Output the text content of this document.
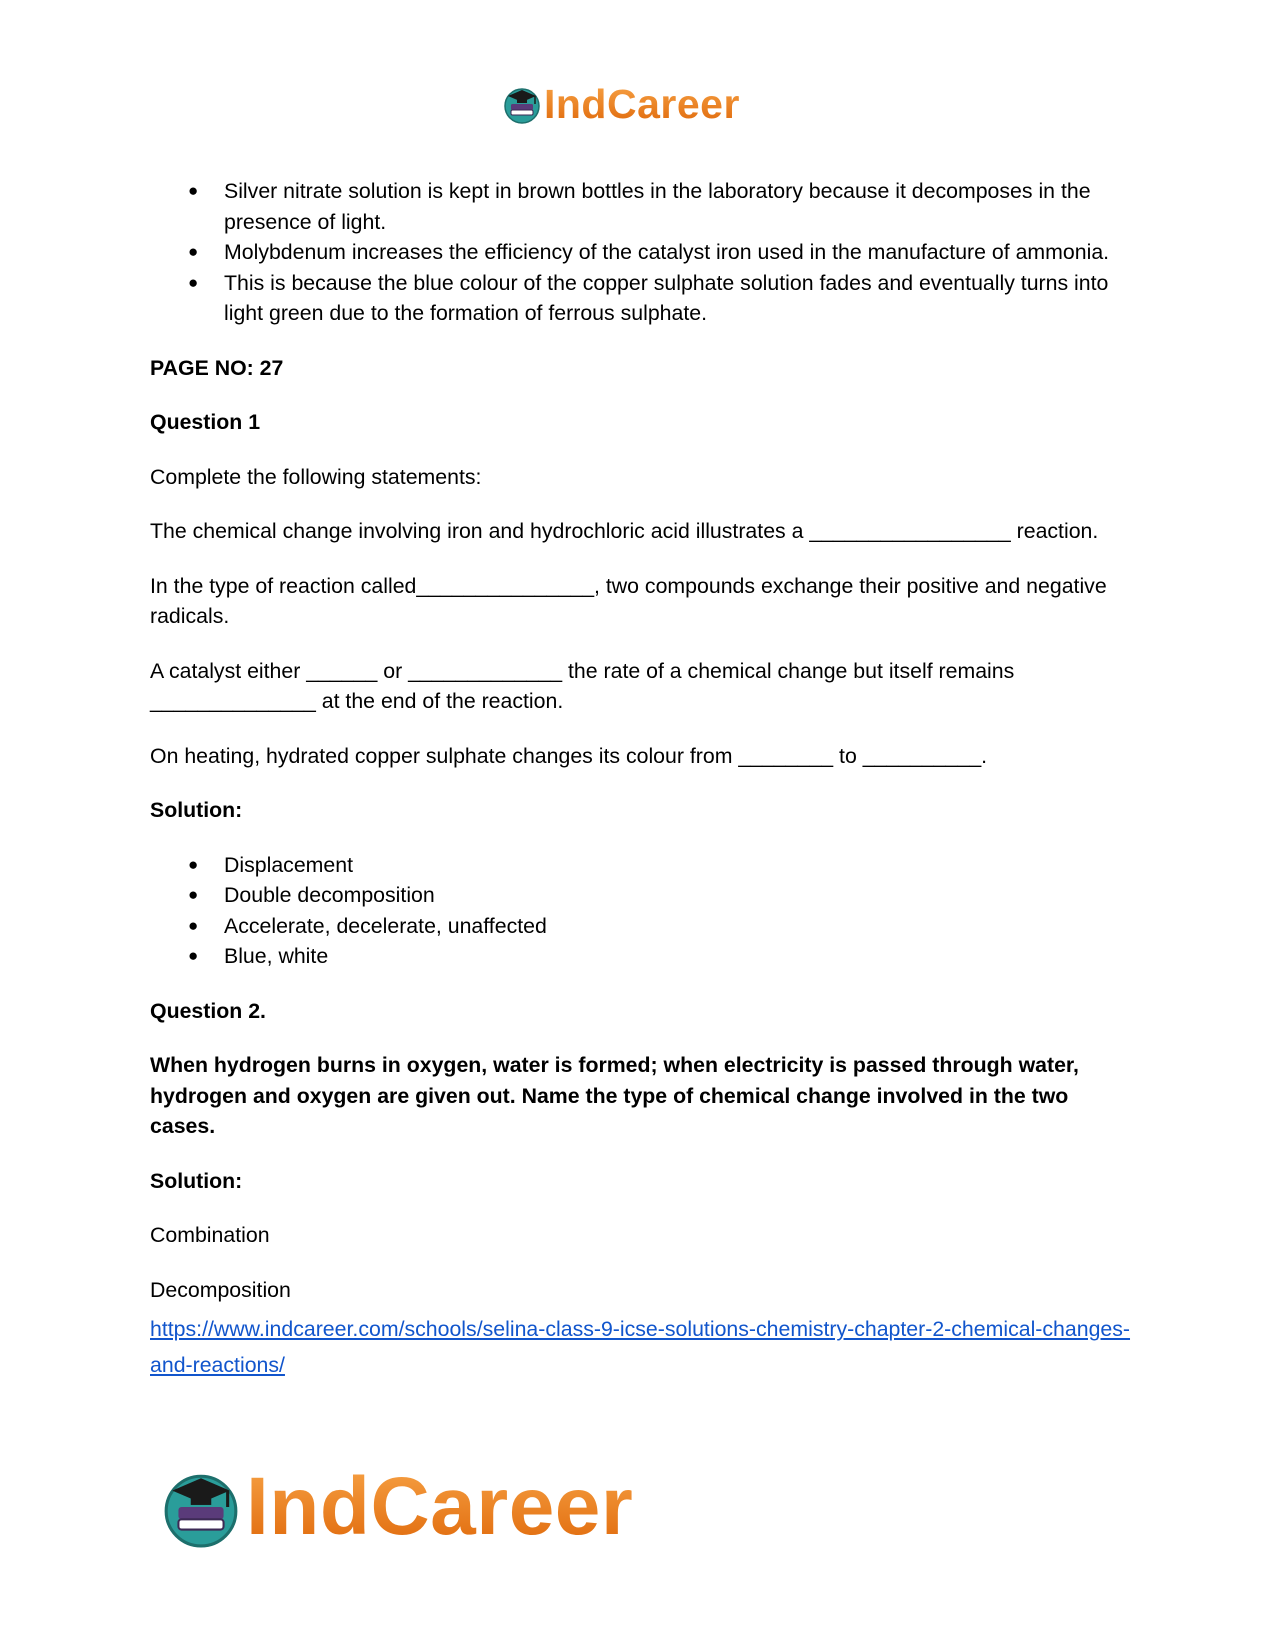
IndCareer
● Silver nitrate solution is kept in brown bottles in the laboratory because it decomposes in the presence of light.
● Molybdenum increases the efficiency of the catalyst iron used in the manufacture of ammonia.
● This is because the blue colour of the copper sulphate solution fades and eventually turns into light green due to the formation of ferrous sulphate.

PAGE NO: 27

Question 1

Complete the following statements:

The chemical change involving iron and hydrochloric acid illustrates a _________________ reaction.

In the type of reaction called_______________, two compounds exchange their positive and negative radicals.

A catalyst either ______ or _____________ the rate of a chemical change but itself remains ______________ at the end of the reaction.

On heating, hydrated copper sulphate changes its colour from ________ to __________.

Solution:

● Displacement
● Double decomposition
● Accelerate, decelerate, unaffected
● Blue, white

Question 2.

When hydrogen burns in oxygen, water is formed; when electricity is passed through water, hydrogen and oxygen are given out. Name the type of chemical change involved in the two cases.

Solution:

Combination

Decomposition

https://www.indcareer.com/schools/selina-class-9-icse-solutions-chemistry-chapter-2-chemical-changes-and-reactions/

IndCareer
